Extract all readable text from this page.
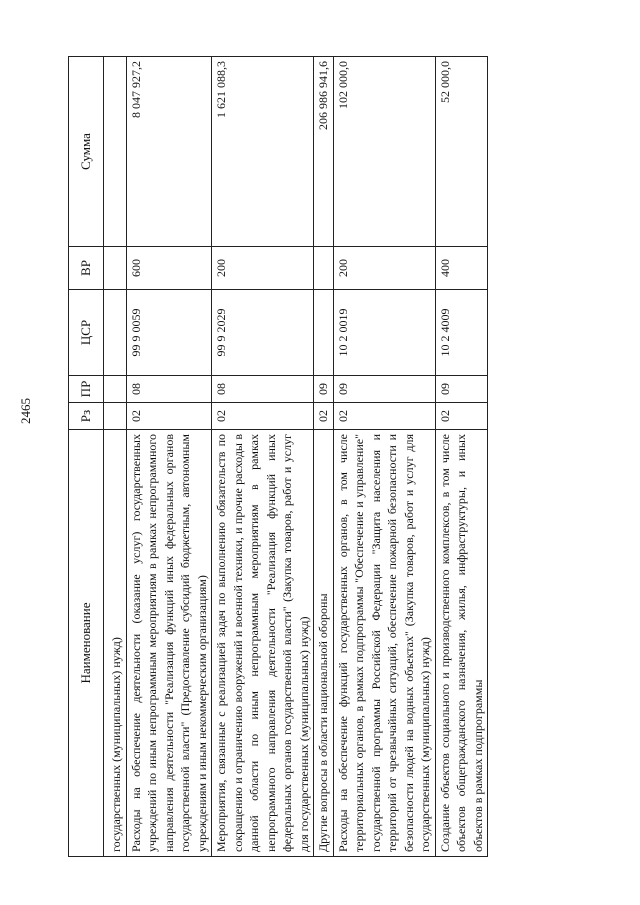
2465
Наименование	Рз	ПР	ЦСР	ВР	Сумма
государственных (муниципальных) нужд)					
Расходы на обеспечение деятельности (оказание услуг) государственных учреждений по иным непрограммным мероприятиям в рамках непрограммного направления деятельности "Реализация функций иных федеральных органов государственной власти" (Предоставление субсидий бюджетным, автономным учреждениям и иным некоммерческим организациям)	02	08	99 9 0059	600	8 047 927,2
Мероприятия, связанные с реализацией задач по выполнению обязательств по сокращению и ограничению вооружений и военной техники, и прочие расходы в данной области по иным непрограммным мероприятиям в рамках непрограммного направления деятельности "Реализация функций иных федеральных органов государственной власти" (Закупка товаров, работ и услуг для государственных (муниципальных) нужд)	02	08	99 9 2029	200	1 621 088,3
Другие вопросы в области национальной обороны	02	09			206 986 941,6
Расходы на обеспечение функций государственных органов, в том числе территориальных органов, в рамках подпрограммы "Обеспечение и управление" государственной программы Российской Федерации "Защита населения и территорий от чрезвычайных ситуаций, обеспечение пожарной безопасности и безопасности людей на водных объектах" (Закупка товаров, работ и услуг для государственных (муниципальных) нужд)	02	09	10 2 0019	200	102 000,0
Создание объектов социального и производственного комплексов, в том числе объектов общегражданского назначения, жилья, инфраструктуры, и иных объектов в рамках подпрограммы	02	09	10 2 4009	400	52 000,0
